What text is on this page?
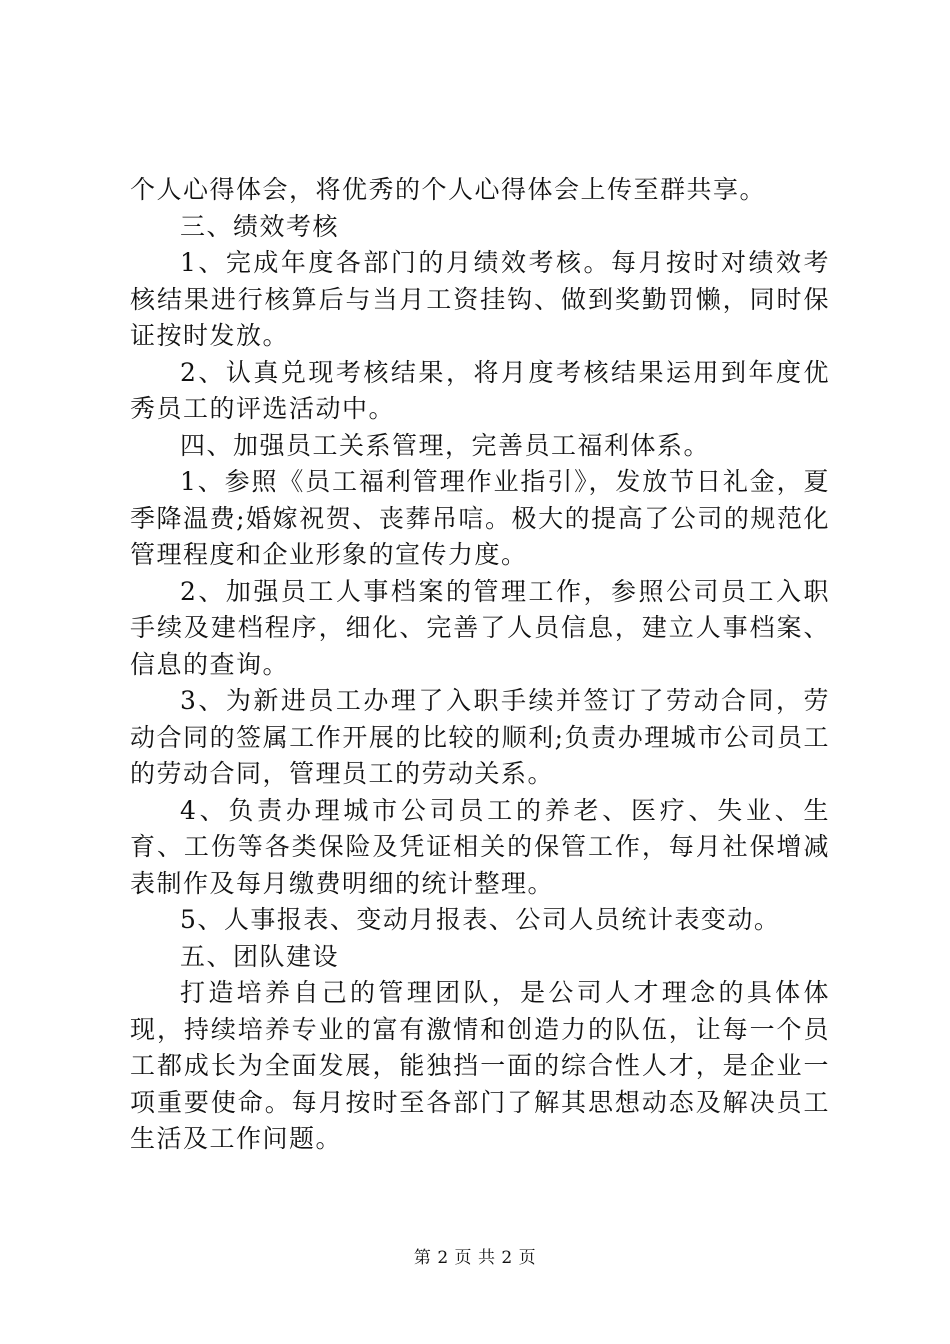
个人心得体会，将优秀的个人心得体会上传至群共享。

三、绩效考核

1、完成年度各部门的月绩效考核。每月按时对绩效考核结果进行核算后与当月工资挂钩、做到奖勤罚懒，同时保证按时发放。

2、认真兑现考核结果，将月度考核结果运用到年度优秀员工的评选活动中。

四、加强员工关系管理，完善员工福利体系。

1、参照《员工福利管理作业指引》，发放节日礼金，夏季降温费;婚嫁祝贺、丧葬吊唁。极大的提高了公司的规范化管理程度和企业形象的宣传力度。

2、加强员工人事档案的管理工作，参照公司员工入职手续及建档程序，细化、完善了人员信息，建立人事档案、信息的查询。

3、为新进员工办理了入职手续并签订了劳动合同，劳动合同的签属工作开展的比较的顺利;负责办理城市公司员工的劳动合同，管理员工的劳动关系。

4、负责办理城市公司员工的养老、医疗、失业、生育、工伤等各类保险及凭证相关的保管工作，每月社保增减表制作及每月缴费明细的统计整理。

5、人事报表、变动月报表、公司人员统计表变动。

五、团队建设

打造培养自己的管理团队，是公司人才理念的具体体现，持续培养专业的富有激情和创造力的队伍，让每一个员工都成长为全面发展，能独挡一面的综合性人才，是企业一项重要使命。每月按时至各部门了解其思想动态及解决员工生活及工作问题。

第 2 页 共 2 页
